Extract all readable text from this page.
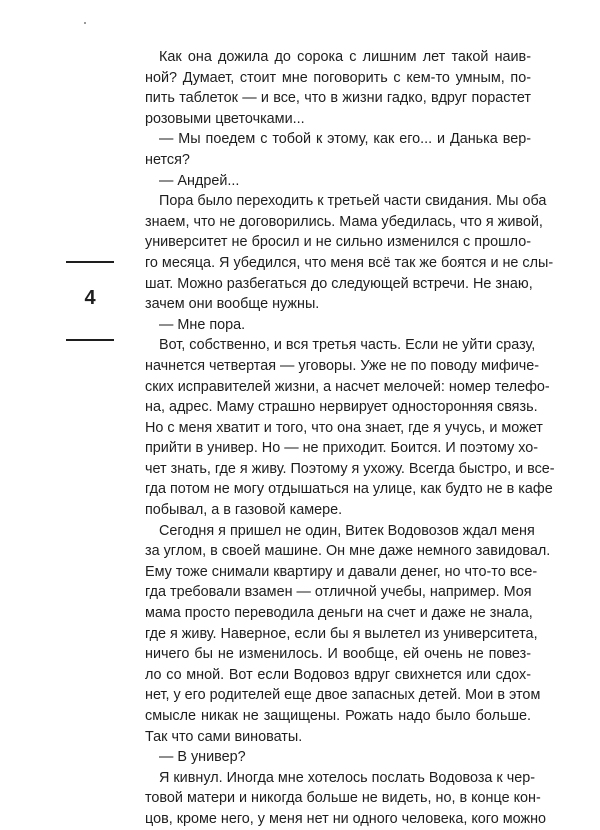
4
Как она дожила до сорока с лишним лет такой наив-
ной? Думает, стоит мне поговорить с кем-то умным, по-
пить таблеток — и все, что в жизни гадко, вдруг порастет
розовыми цветочками...
— Мы поедем с тобой к этому, как его... и Данька вер-
нется?
— Андрей...
Пора было переходить к третьей части свидания. Мы оба
знаем, что не договорились. Мама убедилась, что я живой,
университет не бросил и не сильно изменился с прошло-
го месяца. Я убедился, что меня всё так же боятся и не слы-
шат. Можно разбегаться до следующей встречи. Не знаю,
зачем они вообще нужны.
— Мне пора.
Вот, собственно, и вся третья часть. Если не уйти сразу,
начнется четвертая — уговоры. Уже не по поводу мифиче-
ских исправителей жизни, а насчет мелочей: номер телефо-
на, адрес. Маму страшно нервирует односторонняя связь.
Но с меня хватит и того, что она знает, где я учусь, и может
прийти в универ. Но — не приходит. Боится. И поэтому хо-
чет знать, где я живу. Поэтому я ухожу. Всегда быстро, и все-
гда потом не могу отдышаться на улице, как будто не в кафе
побывал, а в газовой камере.
Сегодня я пришел не один, Витек Водовозов ждал меня
за углом, в своей машине. Он мне даже немного завидовал.
Ему тоже снимали квартиру и давали денег, но что-то все-
гда требовали взамен — отличной учебы, например. Моя
мама просто переводила деньги на счет и даже не знала,
где я живу. Наверное, если бы я вылетел из университета,
ничего бы не изменилось. И вообще, ей очень не повез-
ло со мной. Вот если Водовоз вдруг свихнется или сдох-
нет, у его родителей еще двое запасных детей. Мои в этом
смысле никак не защищены. Рожать надо было больше.
Так что сами виноваты.
— В универ?
Я кивнул. Иногда мне хотелось послать Водовоза к чер-
товой матери и никогда больше не видеть, но, в конце кон-
цов, кроме него, у меня нет ни одного человека, кого можно
